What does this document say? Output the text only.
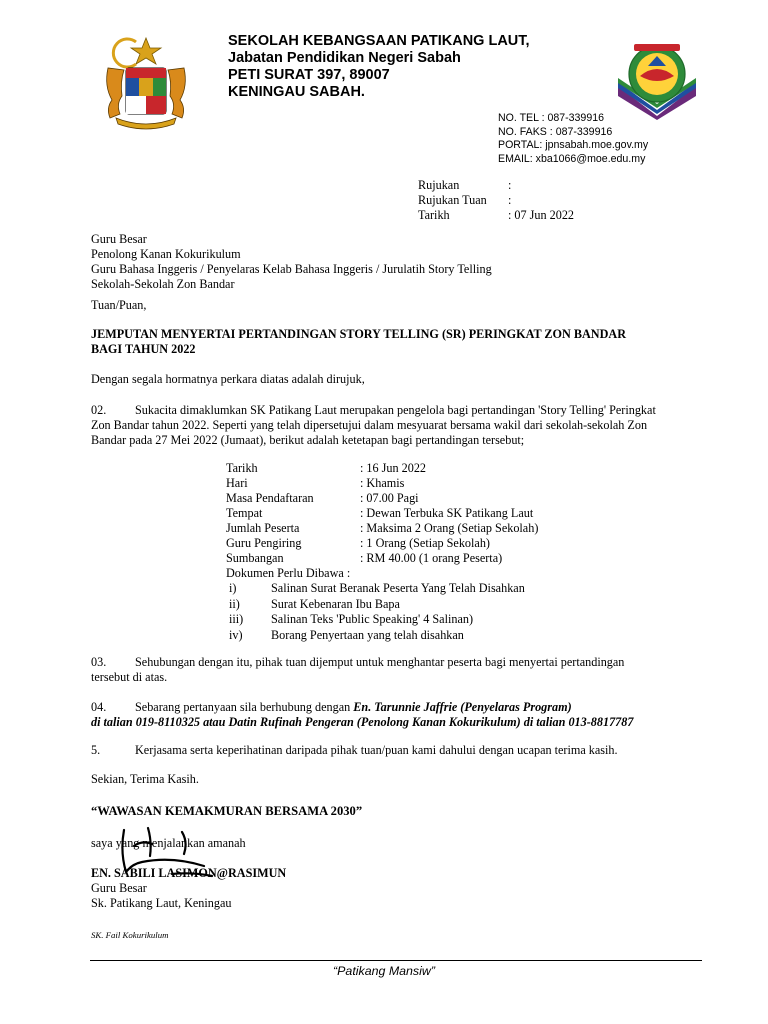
SEKOLAH KEBANGSAAN PATIKANG LAUT,
Jabatan Pendidikan Negeri Sabah
PETI SURAT 397, 89007
KENINGAU SABAH.
NO. TEL : 087-339916
NO. FAKS : 087-339916
PORTAL: jpnsabah.moe.gov.my
EMAIL: xba1066@moe.edu.my
Rujukan	:
Rujukan Tuan :
Tarikh	: 07 Jun 2022
Guru Besar
Penolong Kanan Kokurikulum
Guru Bahasa Inggeris / Penyelaras Kelab Bahasa Inggeris / Jurulatih Story Telling
Sekolah-Sekolah Zon Bandar
Tuan/Puan,
JEMPUTAN MENYERTAI PERTANDINGAN STORY TELLING (SR) PERINGKAT ZON BANDAR
BAGI TAHUN 2022
Dengan segala hormatnya perkara diatas adalah dirujuk,
02. Sukacita dimaklumkan SK Patikang Laut merupakan pengelola bagi pertandingan 'Story Telling' Peringkat
Zon Bandar tahun 2022. Seperti yang telah dipersetujui dalam mesyuarat bersama wakil dari sekolah-sekolah Zon
Bandar pada 27 Mei 2022 (Jumaat), berikut adalah ketetapan bagi pertandingan tersebut;
Tarikh	: 16 Jun 2022
Hari	: Khamis
Masa Pendaftaran	: 07.00 Pagi
Tempat	: Dewan Terbuka SK Patikang Laut
Jumlah Peserta	: Maksima 2 Orang (Setiap Sekolah)
Guru Pengiring	: 1 Orang (Setiap Sekolah)
Sumbangan	: RM 40.00 (1 orang Peserta)
Dokumen Perlu Dibawa :
i)	Salinan Surat Beranak Peserta Yang Telah Disahkan
ii)	Surat Kebenaran Ibu Bapa
iii) Salinan Teks 'Public Speaking' 4 Salinan)
iv) Borang Penyertaan yang telah disahkan
03. Sehubungan dengan itu, pihak tuan dijemput untuk menghantar peserta bagi menyertai pertandingan
tersebut di atas.
04. Sebarang pertanyaan sila berhubung dengan En. Tarunnie Jaffrie (Penyelaras Program)
di talian 019-8110325 atau Datin Rufinah Pengeran (Penolong Kanan Kokurikulum) di talian 013-8817787
5.	Kerjasama serta keperihatinan daripada pihak tuan/puan kami dahului dengan ucapan terima kasih.
Sekian, Terima Kasih.
“WAWASAN KEMAKMURAN BERSAMA 2030”
saya yang menjalankan amanah
EN. SABILI LASIMON@RASIMUN
Guru Besar
Sk. Patikang Laut, Keningau
SK. Fail Kokurikulum
“Patikang Mansiw”
